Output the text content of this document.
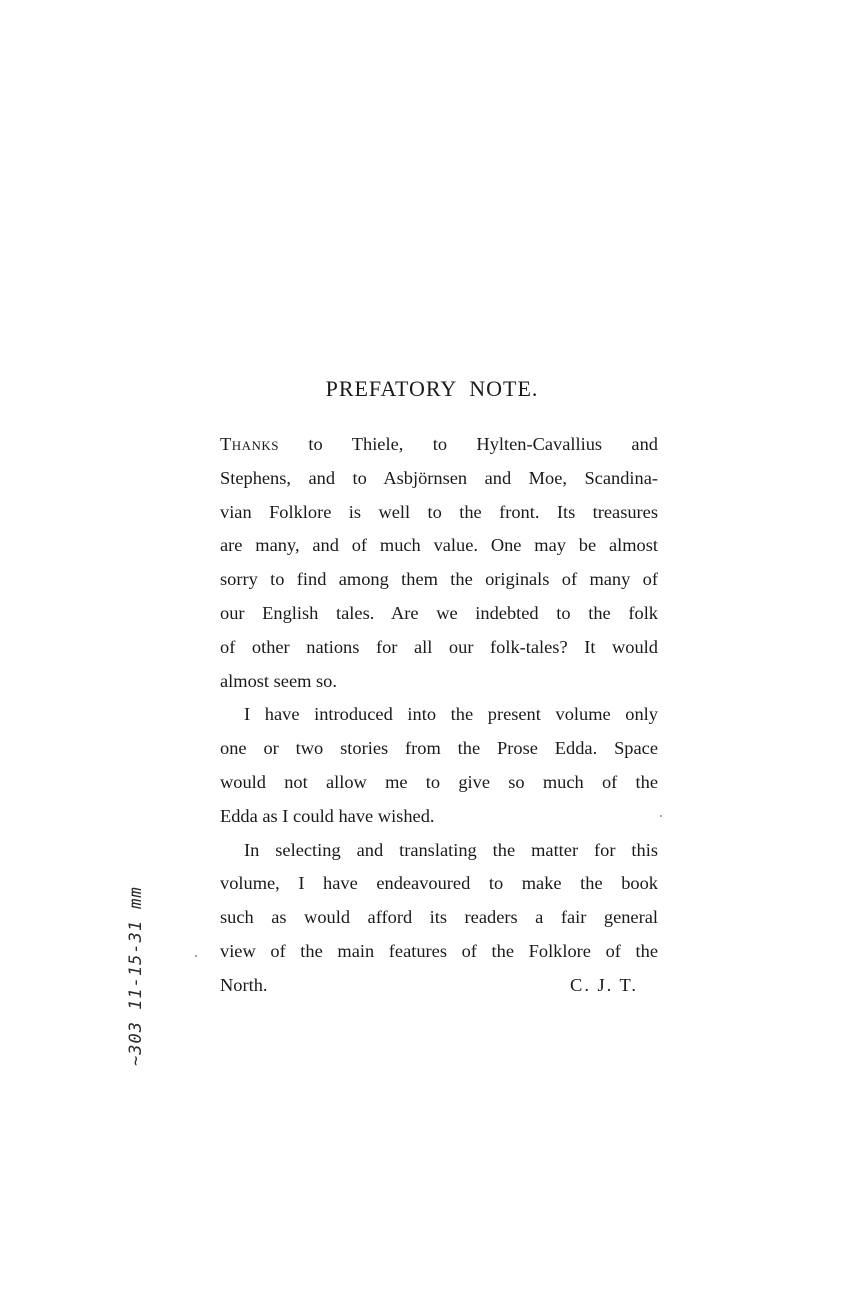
PREFATORY NOTE.
Thanks to Thiele, to Hylten-Cavallius and
Stephens, and to Asbjörnsen and Moe, Scandina-
vian Folklore is well to the front. Its treasures
are many, and of much value. One may be almost
sorry to find among them the originals of many of
our English tales. Are we indebted to the folk
of other nations for all our folk-tales? It would
almost seem so.
I have introduced into the present volume only
one or two stories from the Prose Edda. Space
would not allow me to give so much of the
Edda as I could have wished.
In selecting and translating the matter for this
volume, I have endeavoured to make the book
such as would afford its readers a fair general
view of the main features of the Folklore of the
North.	C. J. T.
~303 11-15-31 mm
